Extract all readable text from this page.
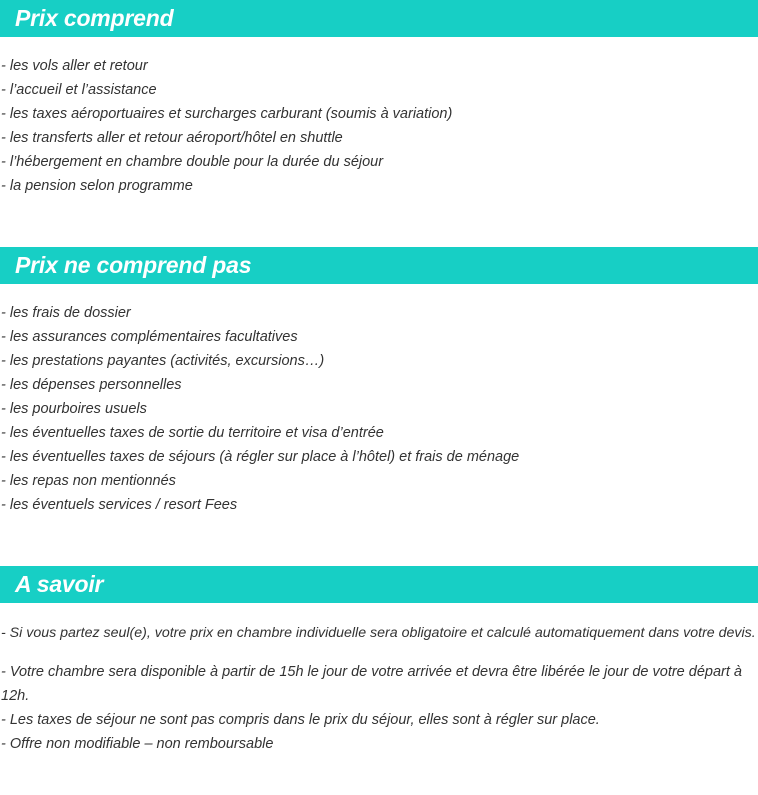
Prix comprend
- les vols aller et retour
- l’accueil et l’assistance
- les taxes aéroportuaires et surcharges carburant (soumis à variation)
- les transferts aller et retour aéroport/hôtel en shuttle
- l’hébergement en chambre double pour la durée du séjour
- la pension selon programme
Prix ne comprend pas
- les frais de dossier
- les assurances complémentaires facultatives
- les prestations payantes (activités, excursions…)
- les dépenses personnelles
- les pourboires usuels
- les éventuelles taxes de sortie du territoire et visa d’entrée
- les éventuelles taxes de séjours (à régler sur place à l’hôtel) et frais de ménage
- les repas non mentionnés
- les éventuels services / resort Fees
A savoir
- Si vous partez seul(e), votre prix en chambre individuelle sera obligatoire et calculé automatiquement dans votre devis.
- Votre chambre sera disponible à partir de 15h le jour de votre arrivée et devra être libérée le jour de votre départ à 12h.
- Les taxes de séjour ne sont pas compris dans le prix du séjour, elles sont à régler sur place.
- Offre non modifiable – non remboursable
